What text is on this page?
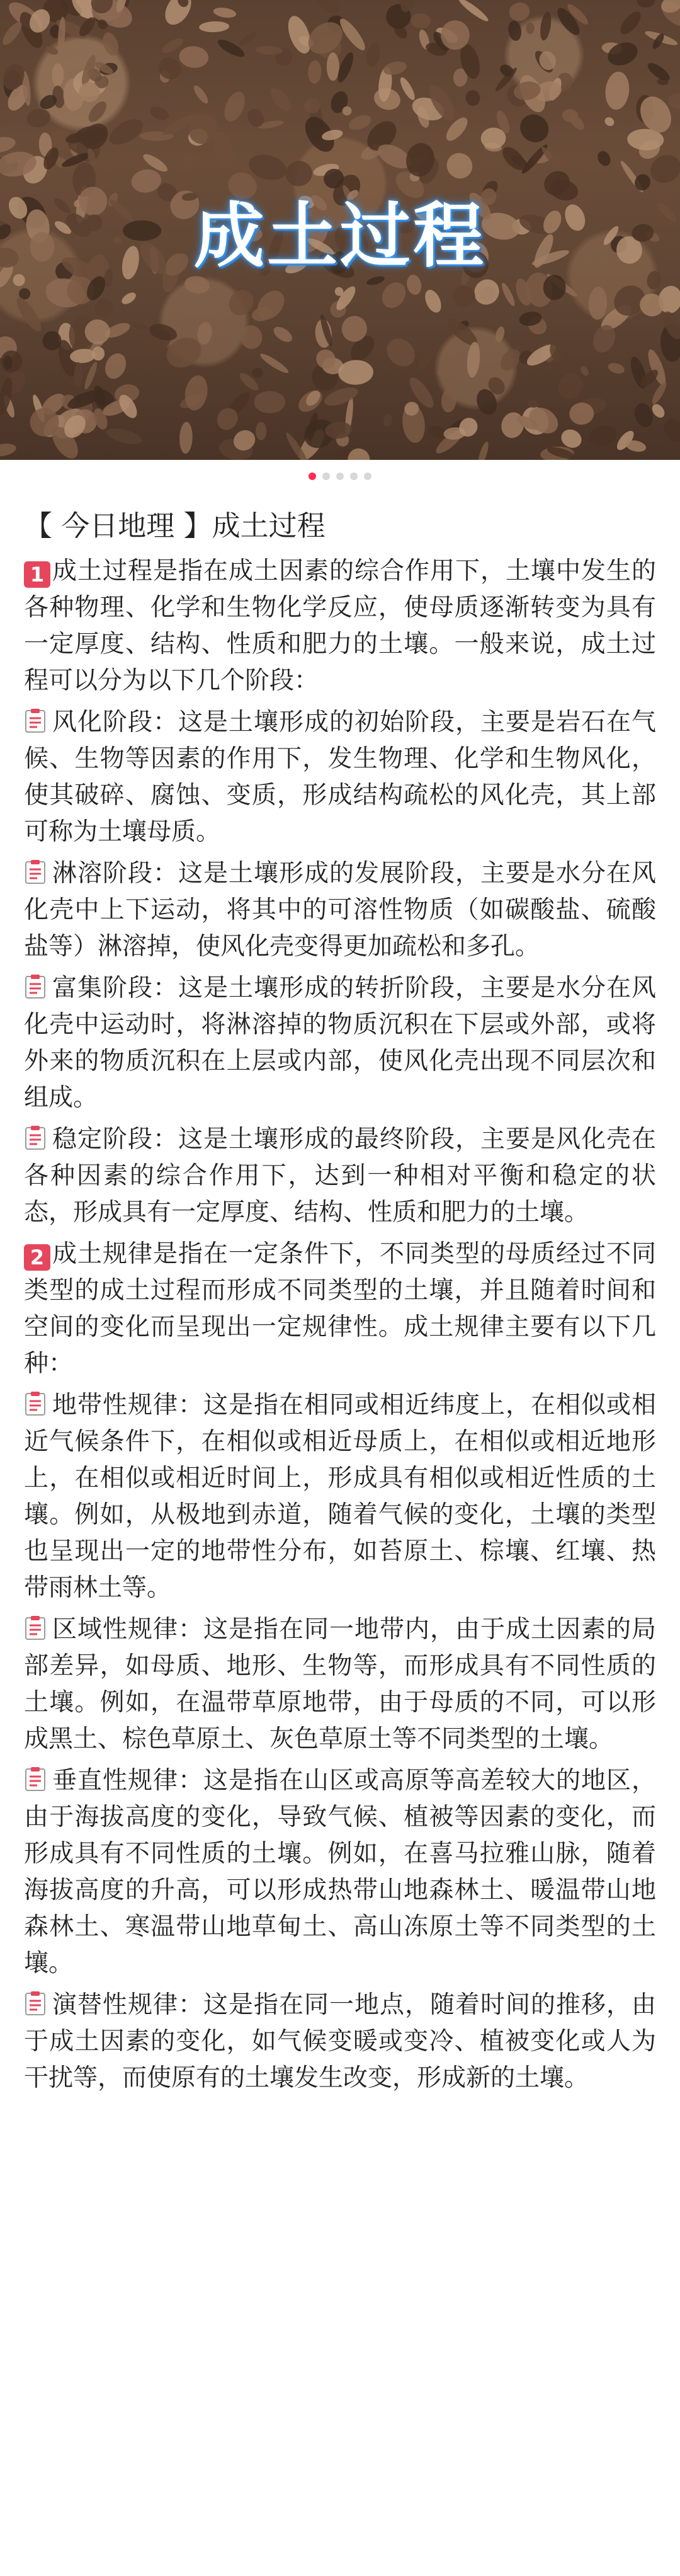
成土过程
【 今日地理 】成土过程
1 成土过程是指在成土因素的综合作用下，土壤中发生的各种物理、化学和生物化学反应，使母质逐渐转变为具有一定厚度、结构、性质和肥力的土壤。一般来说，成土过程可以分为以下几个阶段：
风化阶段：这是土壤形成的初始阶段，主要是岩石在气候、生物等因素的作用下，发生物理、化学和生物风化，使其破碎、腐蚀、变质，形成结构疏松的风化壳，其上部可称为土壤母质。
淋溶阶段：这是土壤形成的发展阶段，主要是水分在风化壳中上下运动，将其中的可溶性物质（如碳酸盐、硫酸盐等）淋溶掉，使风化壳变得更加疏松和多孔。
富集阶段：这是土壤形成的转折阶段，主要是水分在风化壳中运动时，将淋溶掉的物质沉积在下层或外部，或将外来的物质沉积在上层或内部，使风化壳出现不同层次和组成。
稳定阶段：这是土壤形成的最终阶段，主要是风化壳在各种因素的综合作用下，达到一种相对平衡和稳定的状态，形成具有一定厚度、结构、性质和肥力的土壤。
2 成土规律是指在一定条件下，不同类型的母质经过不同类型的成土过程而形成不同类型的土壤，并且随着时间和空间的变化而呈现出一定规律性。成土规律主要有以下几种：
地带性规律：这是指在相同或相近纬度上，在相似或相近气候条件下，在相似或相近母质上，在相似或相近地形上，在相似或相近时间上，形成具有相似或相近性质的土壤。例如，从极地到赤道，随着气候的变化，土壤的类型也呈现出一定的地带性分布，如苔原土、棕壤、红壤、热带雨林土等。
区域性规律：这是指在同一地带内，由于成土因素的局部差异，如母质、地形、生物等，而形成具有不同性质的土壤。例如，在温带草原地带，由于母质的不同，可以形成黑土、棕色草原土、灰色草原土等不同类型的土壤。
垂直性规律：这是指在山区或高原等高差较大的地区，由于海拔高度的变化，导致气候、植被等因素的变化，而形成具有不同性质的土壤。例如，在喜马拉雅山脉，随着海拔高度的升高，可以形成热带山地森林土、暖温带山地森林土、寒温带山地草甸土、高山冻原土等不同类型的土壤。
演替性规律：这是指在同一地点，随着时间的推移，由于成土因素的变化，如气候变暖或变冷、植被变化或人为干扰等，而使原有的土壤发生改变，形成新的土壤。
